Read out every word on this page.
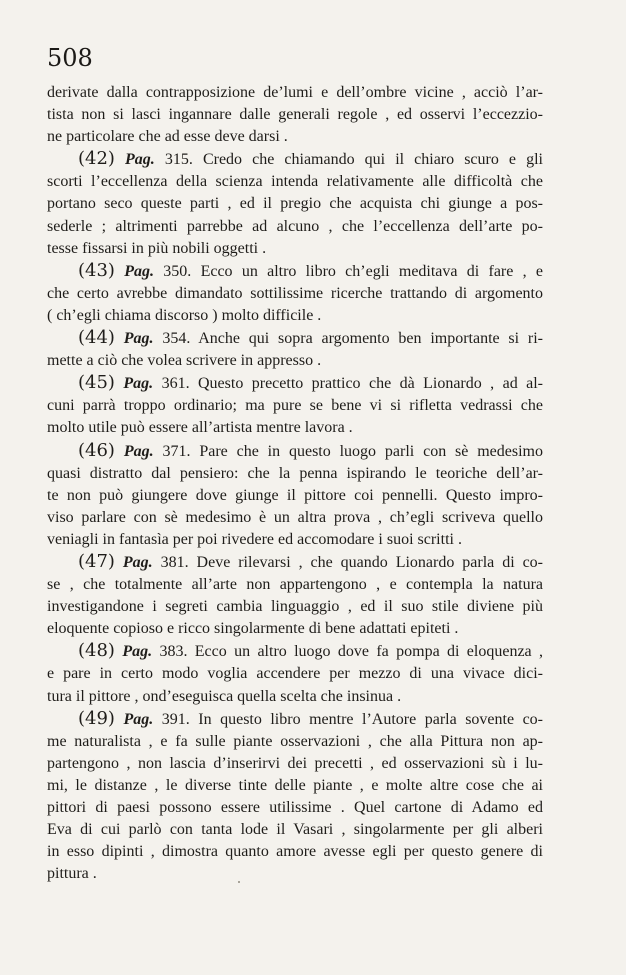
508
derivate dalla contrapposizione de’lumi e dell’ombre vicine , acciò l’ar-
tista non si lasci ingannare dalle generali regole , ed osservi l’eccezzio-
ne particolare che ad esse deve darsi .
(42) Pag. 315. Credo che chiamando qui il chiaro scuro e gli
scorti l’eccellenza della scienza intenda relativamente alle difficoltà che
portano seco queste parti , ed il pregio che acquista chi giunge a pos-
sederle ; altrimenti parrebbe ad alcuno , che l’eccellenza dell’arte po-
tesse fissarsi in più nobili oggetti .
(43) Pag. 350. Ecco un altro libro ch’egli meditava di fare , e
che certo avrebbe dimandato sottilissime ricerche trattando di argomento
( ch’egli chiama discorso ) molto difficile .
(44) Pag. 354. Anche qui sopra argomento ben importante si ri-
mette a ciò che volea scrivere in appresso .
(45) Pag. 361. Questo precetto prattico che dà Lionardo , ad al-
cuni parrà troppo ordinario; ma pure se bene vi si rifletta vedrassi che
molto utile può essere all’artista mentre lavora .
(46) Pag. 371. Pare che in questo luogo parli con sè medesimo
quasi distratto dal pensiero: che la penna ispirando le teoriche dell’ar-
te non può giungere dove giunge il pittore coi pennelli. Questo impro-
viso parlare con sè medesimo è un altra prova , ch’egli scriveva quello
veniagli in fantasìa per poi rivedere ed accomodare i suoi scritti .
(47) Pag. 381. Deve rilevarsi , che quando Lionardo parla di co-
se , che totalmente all’arte non appartengono , e contempla la natura
investigandone i segreti cambia linguaggio , ed il suo stile diviene più
eloquente copioso e ricco singolarmente di bene adattati epiteti .
(48) Pag. 383. Ecco un altro luogo dove fa pompa di eloquenza ,
e pare in certo modo voglia accendere per mezzo di una vivace dici-
tura il pittore , ond’eseguisca quella scelta che insinua .
(49) Pag. 391. In questo libro mentre l’Autore parla sovente co-
me naturalista , e fa sulle piante osservazioni , che alla Pittura non ap-
partengono , non lascia d’inserirvi dei precetti , ed osservazioni sù i lu-
mi, le distanze , le diverse tinte delle piante , e molte altre cose che ai
pittori di paesi possono essere utilissime . Quel cartone di Adamo ed
Eva di cui parlò con tanta lode il Vasari , singolarmente per gli alberi
in esso dipinti , dimostra quanto amore avesse egli per questo genere di
pittura .
